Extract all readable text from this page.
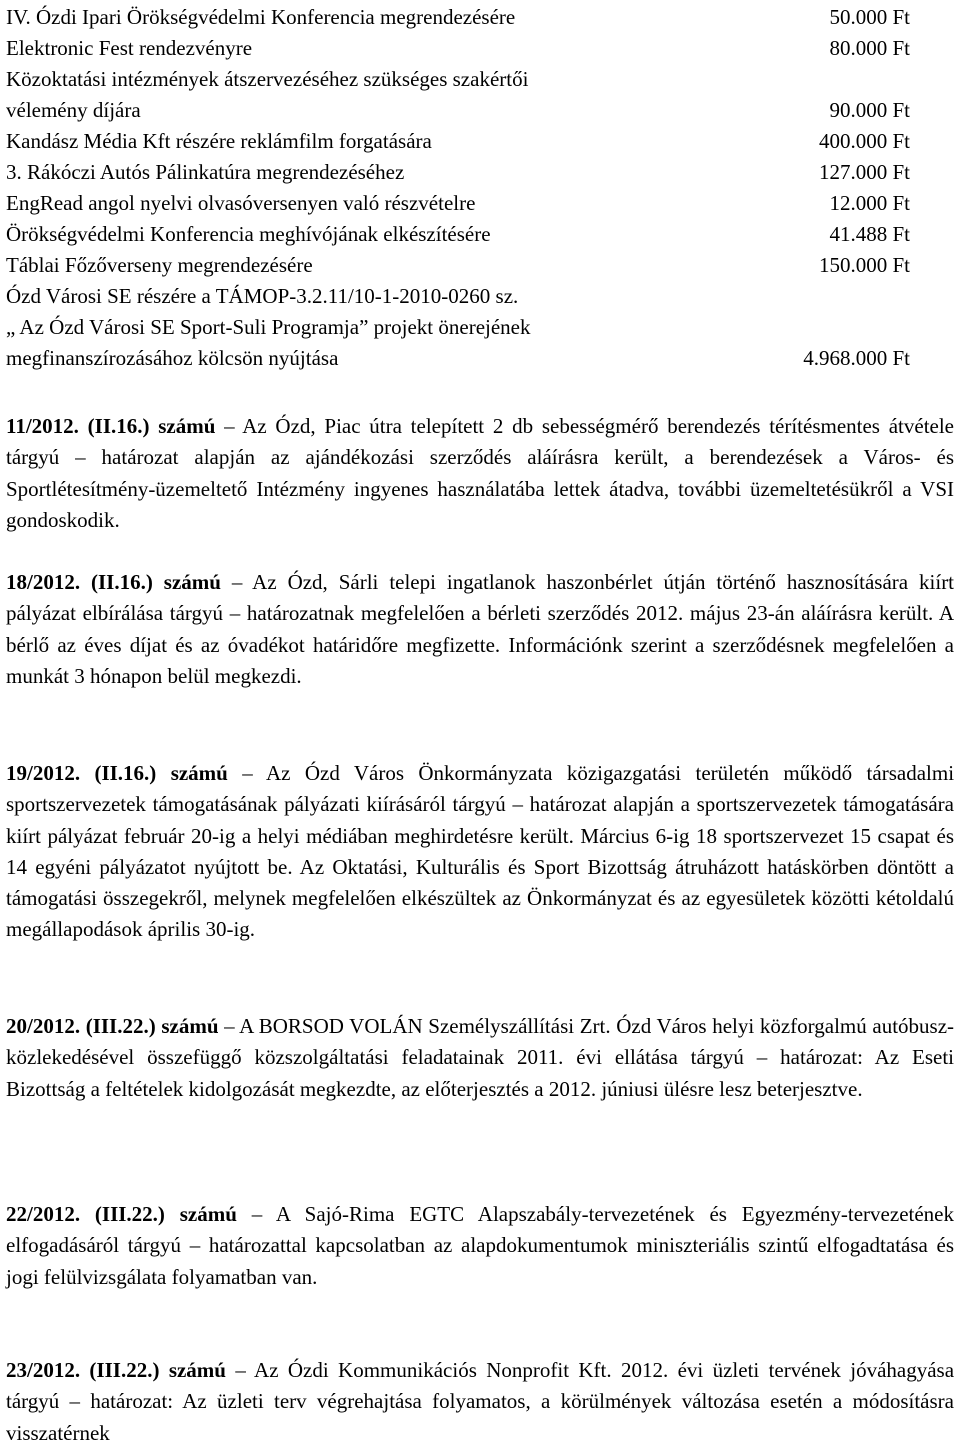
IV. Ózdi Ipari Örökségvédelmi Konferencia megrendezésére	50.000 Ft
Elektronic Fest rendezvényre	80.000 Ft
Közoktatási intézmények átszervezéséhez szükséges szakértői
vélemény díjára	90.000 Ft
Kandász Média Kft részére reklámfilm forgatására	400.000 Ft
3. Rákóczi Autós Pálinkatúra megrendezéséhez	127.000 Ft
EngRead angol nyelvi olvasóversenyen való részvételre	12.000 Ft
Örökségvédelmi Konferencia meghívójának elkészítésére	41.488 Ft
Táblai Főzőverseny megrendezésére	150.000 Ft
Ózd Városi SE részére a TÁMOP-3.2.11/10-1-2010-0260 sz.
„ Az Ózd Városi SE Sport-Suli Programja” projekt önerejének
megfinanszírozásához kölcsön nyújtása	4.968.000 Ft

11/2012. (II.16.) számú – Az Ózd, Piac útra telepített 2 db sebességmérő berendezés térítésmentes átvétele tárgyú – határozat alapján az ajándékozási szerződés aláírásra került, a berendezések a Város- és Sportlétesítmény-üzemeltető Intézmény ingyenes használatába lettek átadva, további üzemeltetésükről a VSI gondoskodik.

18/2012. (II.16.) számú – Az Ózd, Sárli telepi ingatlanok haszonbérlet útján történő hasznosítására kiírt pályázat elbírálása tárgyú – határozatnak megfelelően a bérleti szerződés 2012. május 23-án aláírásra került. A bérlő az éves díjat és az óvadékot határidőre megfizette. Információnk szerint a szerződésnek megfelelően a munkát 3 hónapon belül megkezdi.

19/2012. (II.16.) számú – Az Ózd Város Önkormányzata közigazgatási területén működő társadalmi sportszervezetek támogatásának pályázati kiírásáról tárgyú – határozat alapján a sportszervezetek támogatására kiírt pályázat február 20-ig a helyi médiában meghirdetésre került. Március 6-ig 18 sportszervezet 15 csapat és 14 egyéni pályázatot nyújtott be. Az Oktatási, Kulturális és Sport Bizottság átruházott hatáskörben döntött a támogatási összegekről, melynek megfelelően elkészültek az Önkormányzat és az egyesületek közötti kétoldalú megállapodások április 30-ig.

20/2012. (III.22.) számú – A BORSOD VOLÁN Személyszállítási Zrt. Ózd Város helyi közforgalmú autóbusz-közlekedésével összefüggő közszolgáltatási feladatainak 2011. évi ellátása tárgyú – határozat: Az Eseti Bizottság a feltételek kidolgozását megkezdte, az előterjesztés a 2012. júniusi ülésre lesz beterjesztve.

22/2012. (III.22.) számú – A Sajó-Rima EGTC Alapszabály-tervezetének és Egyezmény-tervezetének elfogadásáról tárgyú – határozattal kapcsolatban az alapdokumentumok miniszteriális szintű elfogadtatása és jogi felülvizsgálata folyamatban van.

23/2012. (III.22.) számú – Az Ózdi Kommunikációs Nonprofit Kft. 2012. évi üzleti tervének jóváhagyása tárgyú – határozat: Az üzleti terv végrehajtása folyamatos, a körülmények változása esetén a módosításra visszatérnek
